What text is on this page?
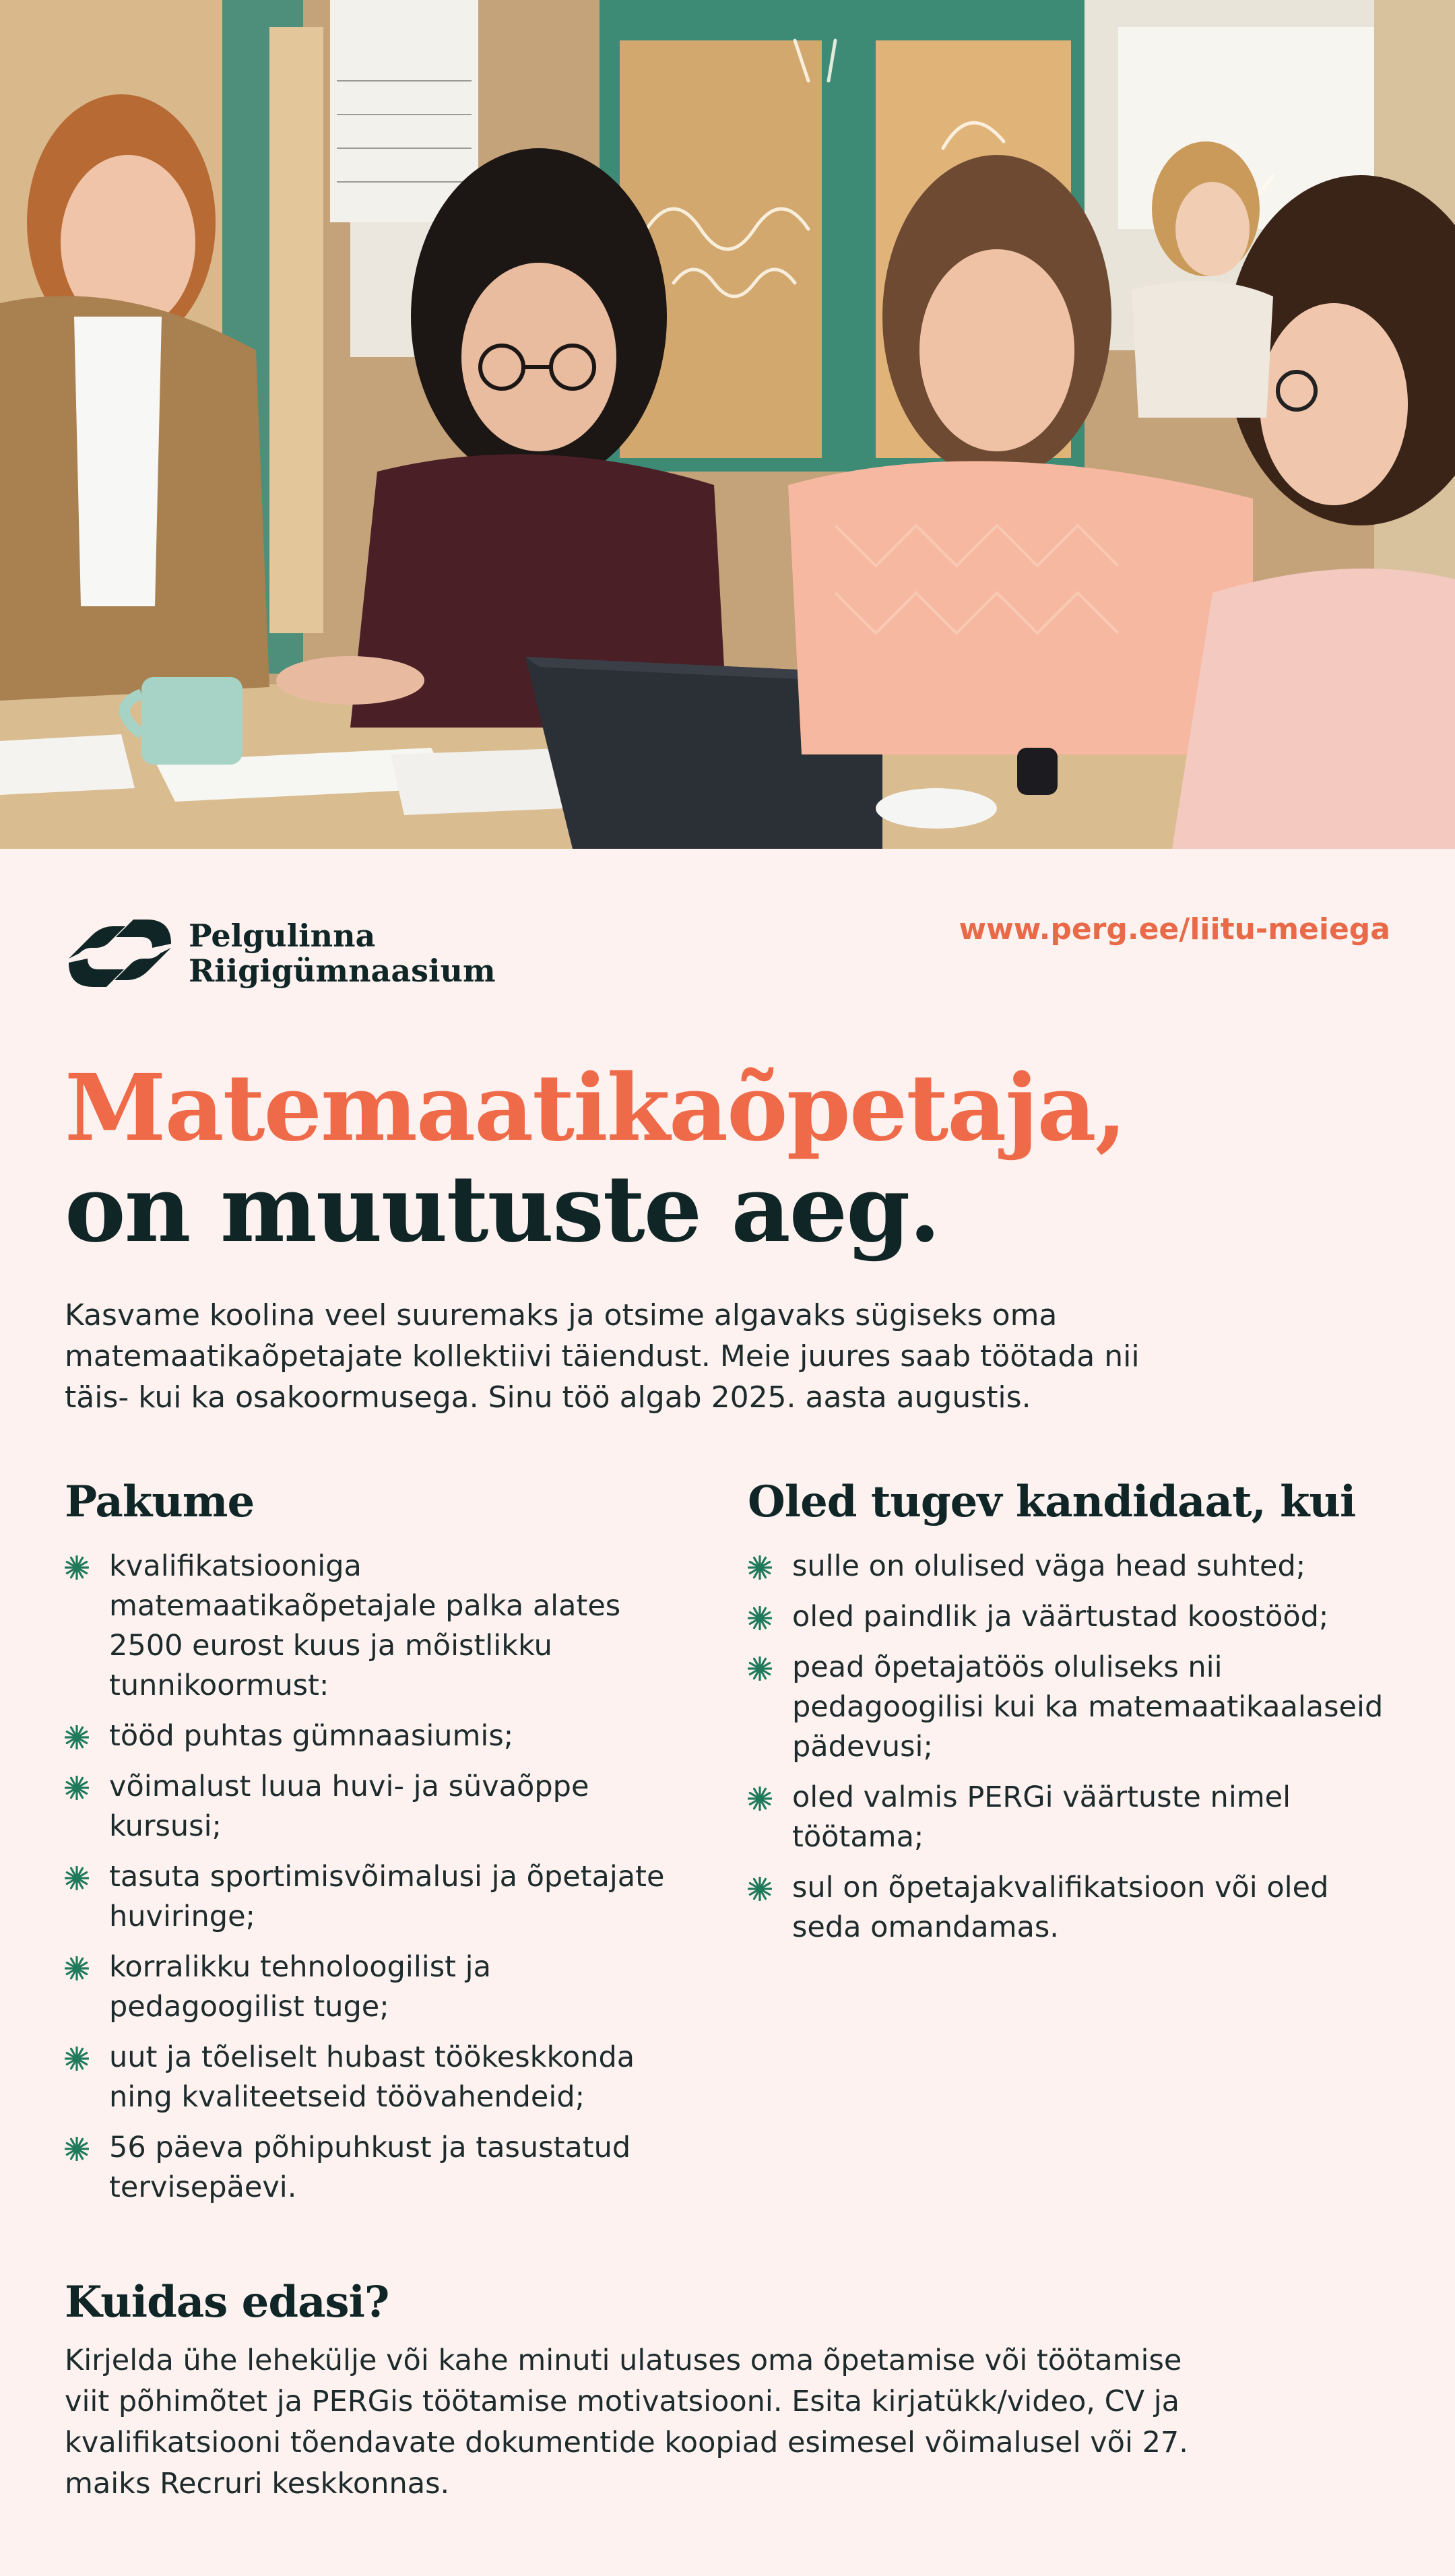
Pelgulinna
Riigigümnaasium
www.perg.ee/liitu-meiega
Matemaatikaõpetaja,
on muutuste aeg.

Kasvame koolina veel suuremaks ja otsime algavaks sügiseks oma matemaatikaõpetajate kollektiivi täiendust. Meie juures saab töötada nii täis- kui ka osakoormusega. Sinu töö algab 2025. aasta augustis.

Pakume
kvalifikatsiooniga matemaatikaõpetajale palka alates 2500 eurost kuus ja mõistlikku tunnikoormust:
tööd puhtas gümnaasiumis;
võimalust luua huvi- ja süvaõppe kursusi;
tasuta sportimisvõimalusi ja õpetajate huviringe;
korralikku tehnoloogilist ja pedagoogilist tuge;
uut ja tõeliselt hubast töökeskkonda ning kvaliteetseid töövahendeid;
56 päeva põhipuhkust ja tasustatud tervisepäevi.
Oled tugev kandidaat, kui
sulle on olulised väga head suhted;
oled paindlik ja väärtustad koostööd;
pead õpetajatöös oluliseks nii pedagoogilisi kui ka matemaatikaalaseid pädevusi;
oled valmis PERGi väärtuste nimel töötama;
sul on õpetajakvalifikatsioon või oled seda omandamas.
Kuidas edasi?

Kirjelda ühe lehekülje või kahe minuti ulatuses oma õpetamise või töötamise viit põhimõtet ja PERGis töötamise motivatsiooni. Esita kirjatükk/video, CV ja kvalifikatsiooni tõendavate dokumentide koopiad esimesel võimalusel või 27. maiks Recruri keskkonnas.
